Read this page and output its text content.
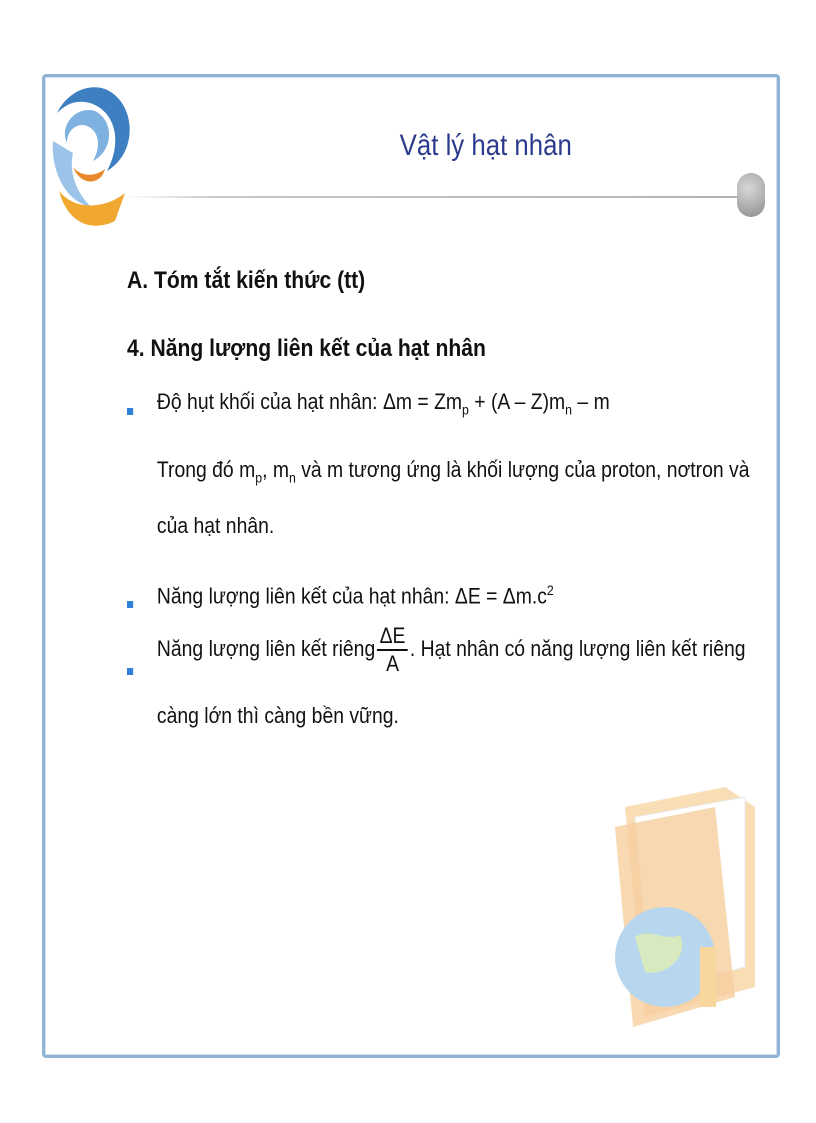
Vật lý hạt nhân
A. Tóm tắt kiến thức (tt)
4. Năng lượng liên kết của hạt nhân
Độ hụt khối của hạt nhân: $\Delta m = Zm_p + (A - Z)m_n - m$
Trong đó $m_p$, $m_n$ và m tương ứng là khối lượng của proton, nơtron và
của hạt nhân.
Năng lượng liên kết của hạt nhân: $\Delta E = \Delta m.c^2$
Năng lượng liên kết riêng $\frac{\Delta E}{A}$ . Hạt nhân có năng lượng liên kết riêng
càng lớn thì càng bền vững.
